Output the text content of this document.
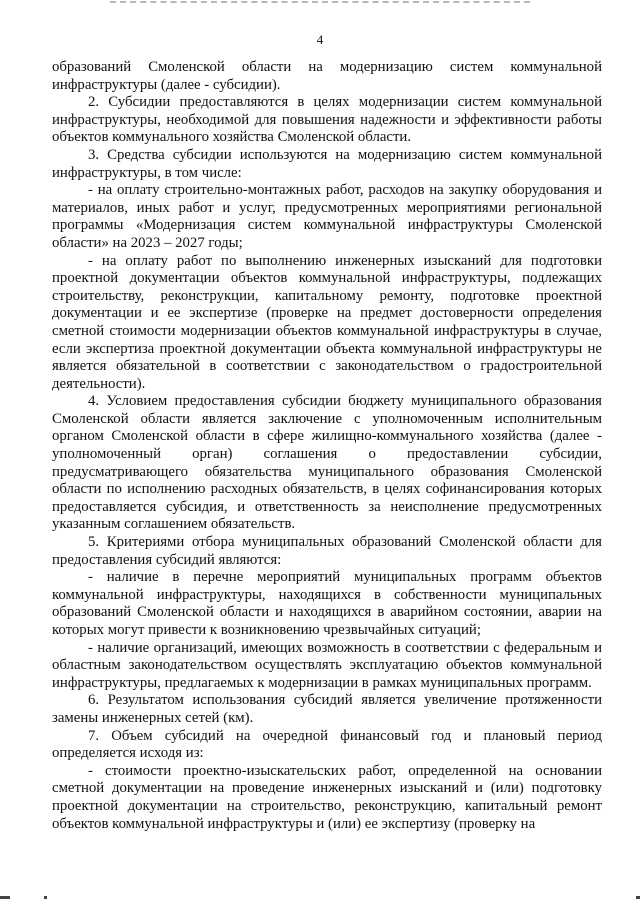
4

образований Смоленской области на модернизацию систем коммунальной инфраструктуры (далее - субсидии).

2. Субсидии предоставляются в целях модернизации систем коммунальной инфраструктуры, необходимой для повышения надежности и эффективности работы объектов коммунального хозяйства Смоленской области.

3. Средства субсидии используются на модернизацию систем коммунальной инфраструктуры, в том числе:

- на оплату строительно-монтажных работ, расходов на закупку оборудования и материалов, иных работ и услуг, предусмотренных мероприятиями региональной программы «Модернизация систем коммунальной инфраструктуры Смоленской области» на 2023 – 2027 годы;

- на оплату работ по выполнению инженерных изысканий для подготовки проектной документации объектов коммунальной инфраструктуры, подлежащих строительству, реконструкции, капитальному ремонту, подготовке проектной документации и ее экспертизе (проверке на предмет достоверности определения сметной стоимости модернизации объектов коммунальной инфраструктуры в случае, если экспертиза проектной документации объекта коммунальной инфраструктуры не является обязательной в соответствии с законодательством о градостроительной деятельности).

4. Условием предоставления субсидии бюджету муниципального образования Смоленской области является заключение с уполномоченным исполнительным органом Смоленской области в сфере жилищно-коммунального хозяйства (далее - уполномоченный орган) соглашения о предоставлении субсидии, предусматривающего обязательства муниципального образования Смоленской области по исполнению расходных обязательств, в целях софинансирования которых предоставляется субсидия, и ответственность за неисполнение предусмотренных указанным соглашением обязательств.

5. Критериями отбора муниципальных образований Смоленской области для предоставления субсидий являются:

- наличие в перечне мероприятий муниципальных программ объектов коммунальной инфраструктуры, находящихся в собственности муниципальных образований Смоленской области и находящихся в аварийном состоянии, аварии на которых могут привести к возникновению чрезвычайных ситуаций;

- наличие организаций, имеющих возможность в соответствии с федеральным и областным законодательством осуществлять эксплуатацию объектов коммунальной инфраструктуры, предлагаемых к модернизации в рамках муниципальных программ.

6. Результатом использования субсидий является увеличение протяженности замены инженерных сетей (км).

7. Объем субсидий на очередной финансовый год и плановый период определяется исходя из:

- стоимости проектно-изыскательских работ, определенной на основании сметной документации на проведение инженерных изысканий и (или) подготовку проектной документации на строительство, реконструкцию, капитальный ремонт объектов коммунальной инфраструктуры и (или) ее экспертизу (проверку на
